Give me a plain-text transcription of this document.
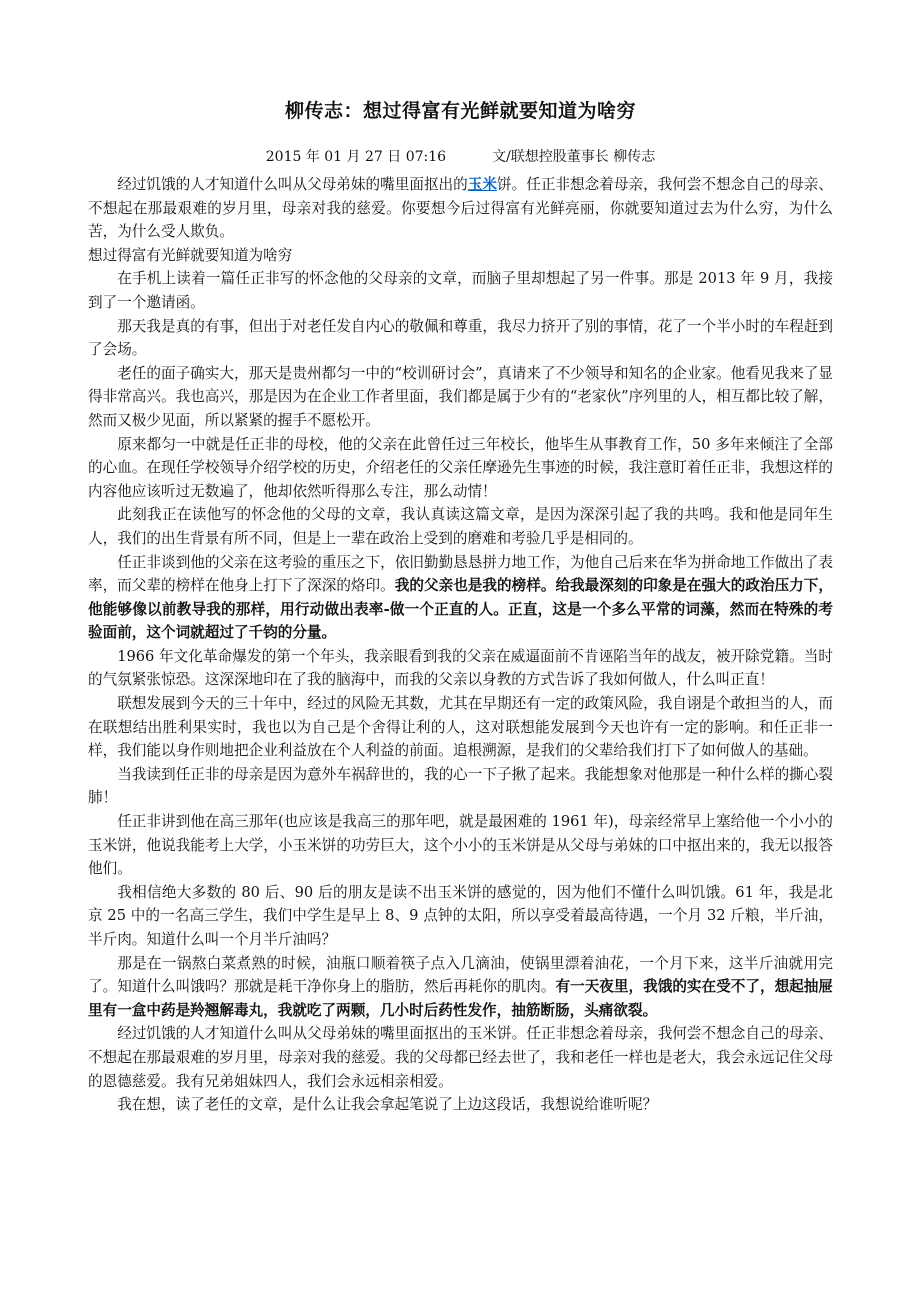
柳传志：想过得富有光鲜就要知道为啥穷
2015 年 01 月 27 日 07:16	文/联想控股董事长 柳传志

经过饥饿的人才知道什么叫从父母弟妹的嘴里面抠出的玉米饼。任正非想念着母亲，我何尝不想念自己的母亲、不想起在那最艰难的岁月里，母亲对我的慈爱。你要想今后过得富有光鲜亮丽，你就要知道过去为什么穷，为什么苦，为什么受人欺负。

想过得富有光鲜就要知道为啥穷

在手机上读着一篇任正非写的怀念他的父母亲的文章，而脑子里却想起了另一件事。那是 2013 年 9 月，我接到了一个邀请函。

那天我是真的有事，但出于对老任发自内心的敬佩和尊重，我尽力挤开了别的事情，花了一个半小时的车程赶到了会场。

老任的面子确实大，那天是贵州都匀一中的“校训研讨会”，真请来了不少领导和知名的企业家。他看见我来了显得非常高兴。我也高兴，那是因为在企业工作者里面，我们都是属于少有的“老家伙”序列里的人，相互都比较了解，然而又极少见面，所以紧紧的握手不愿松开。

原来都匀一中就是任正非的母校，他的父亲在此曾任过三年校长，他毕生从事教育工作，50 多年来倾注了全部的心血。在现任学校领导介绍学校的历史，介绍老任的父亲任摩逊先生事迹的时候，我注意盯着任正非，我想这样的内容他应该听过无数遍了，他却依然听得那么专注，那么动情！

此刻我正在读他写的怀念他的父母的文章，我认真读这篇文章，是因为深深引起了我的共鸣。我和他是同年生人，我们的出生背景有所不同，但是上一辈在政治上受到的磨难和考验几乎是相同的。

任正非谈到他的父亲在这考验的重压之下，依旧勤勤恳恳拼力地工作，为他自己后来在华为拼命地工作做出了表率，而父辈的榜样在他身上打下了深深的烙印。我的父亲也是我的榜样。给我最深刻的印象是在强大的政治压力下，他能够像以前教导我的那样，用行动做出表率-做一个正直的人。正直，这是一个多么平常的词藻，然而在特殊的考验面前，这个词就超过了千钧的分量。

1966 年文化革命爆发的第一个年头，我亲眼看到我的父亲在威逼面前不肯诬陷当年的战友，被开除党籍。当时的气氛紧张惊恐。这深深地印在了我的脑海中，而我的父亲以身教的方式告诉了我如何做人，什么叫正直！

联想发展到今天的三十年中，经过的风险无其数，尤其在早期还有一定的政策风险，我自诩是个敢担当的人，而在联想结出胜利果实时，我也以为自己是个舍得让利的人，这对联想能发展到今天也许有一定的影响。和任正非一样，我们能以身作则地把企业利益放在个人利益的前面。追根溯源，是我们的父辈给我们打下了如何做人的基础。

当我读到任正非的母亲是因为意外车祸辞世的，我的心一下子揪了起来。我能想象对他那是一种什么样的撕心裂肺！

任正非讲到他在高三那年(也应该是我高三的那年吧，就是最困难的 1961 年)，母亲经常早上塞给他一个小小的玉米饼，他说我能考上大学，小玉米饼的功劳巨大，这个小小的玉米饼是从父母与弟妹的口中抠出来的，我无以报答他们。

我相信绝大多数的 80 后、90 后的朋友是读不出玉米饼的感觉的，因为他们不懂什么叫饥饿。61 年，我是北京 25 中的一名高三学生，我们中学生是早上 8、9 点钟的太阳，所以享受着最高待遇，一个月 32 斤粮，半斤油，半斤肉。知道什么叫一个月半斤油吗？

那是在一锅熬白菜煮熟的时候，油瓶口顺着筷子点入几滴油，使锅里漂着油花，一个月下来，这半斤油就用完了。知道什么叫饿吗？那就是耗干净你身上的脂肪，然后再耗你的肌肉。有一天夜里，我饿的实在受不了，想起抽屉里有一盒中药是羚翘解毒丸，我就吃了两颗，几小时后药性发作，抽筋断肠，头痛欲裂。

经过饥饿的人才知道什么叫从父母弟妹的嘴里面抠出的玉米饼。任正非想念着母亲，我何尝不想念自己的母亲、不想起在那最艰难的岁月里，母亲对我的慈爱。我的父母都已经去世了，我和老任一样也是老大，我会永远记住父母的恩德慈爱。我有兄弟姐妹四人，我们会永远相亲相爱。

我在想，读了老任的文章，是什么让我会拿起笔说了上边这段话，我想说给谁听呢？
